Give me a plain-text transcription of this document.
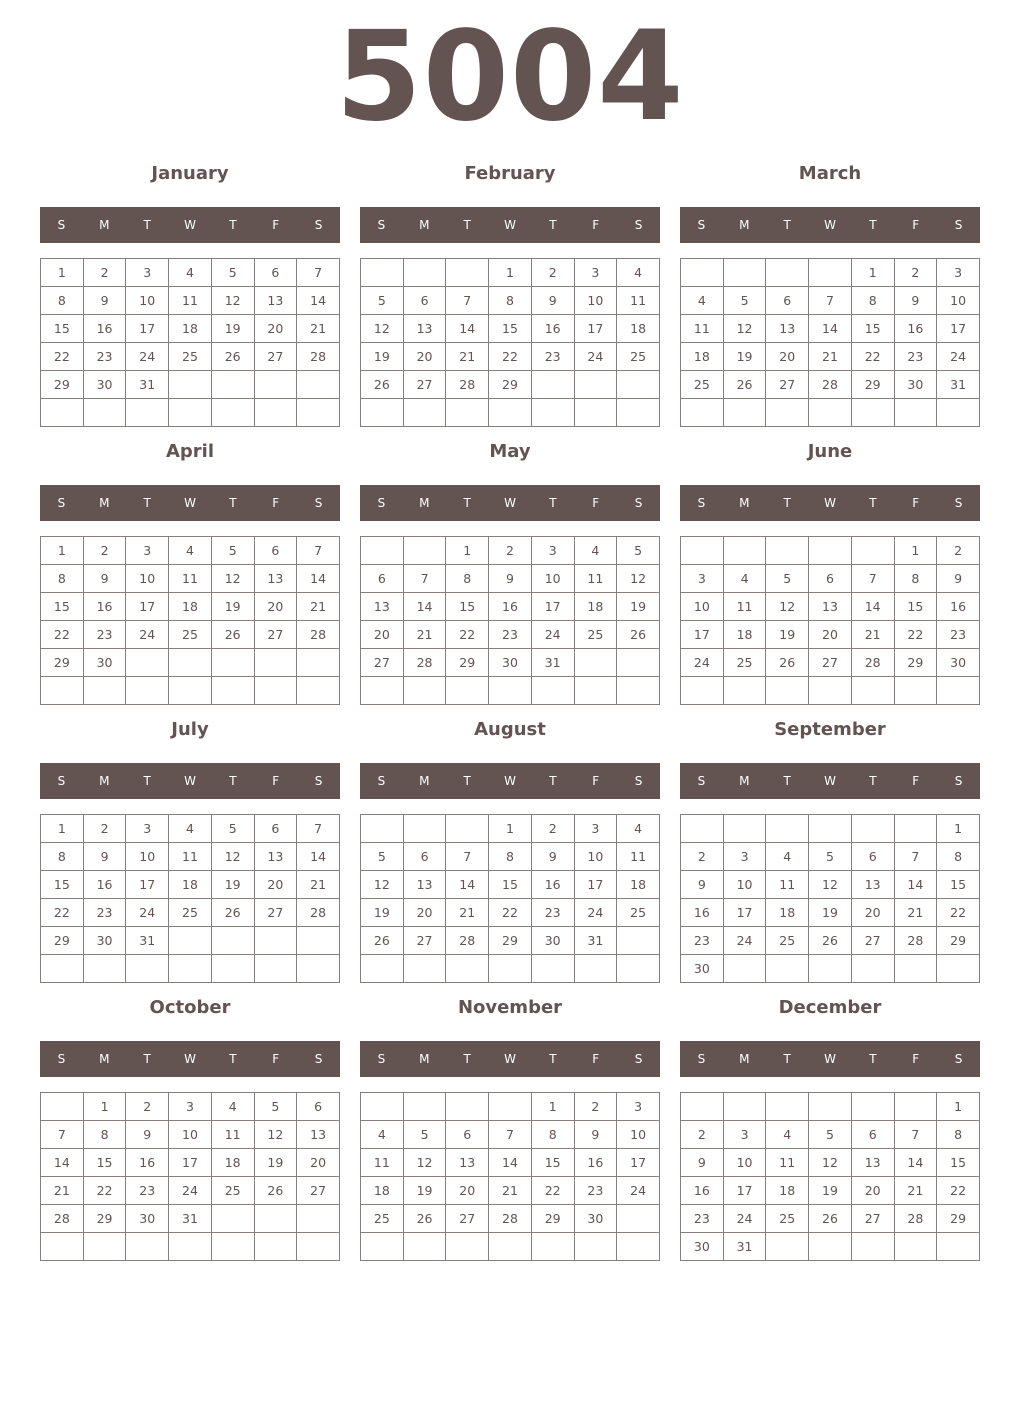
5004
January
S	M	T	W	T	F	S
1	2	3	4	5	6	7
8	9	10	11	12	13	14
15	16	17	18	19	20	21
22	23	24	25	26	27	28
29	30	31				

February
S	M	T	W	T	F	S
			1	2	3	4
5	6	7	8	9	10	11
12	13	14	15	16	17	18
19	20	21	22	23	24	25
26	27	28	29			

March
S	M	T	W	T	F	S
				1	2	3
4	5	6	7	8	9	10
11	12	13	14	15	16	17
18	19	20	21	22	23	24
25	26	27	28	29	30	31

April
S	M	T	W	T	F	S
1	2	3	4	5	6	7
8	9	10	11	12	13	14
15	16	17	18	19	20	21
22	23	24	25	26	27	28
29	30					

May
S	M	T	W	T	F	S
		1	2	3	4	5
6	7	8	9	10	11	12
13	14	15	16	17	18	19
20	21	22	23	24	25	26
27	28	29	30	31		

June
S	M	T	W	T	F	S
					1	2
3	4	5	6	7	8	9
10	11	12	13	14	15	16
17	18	19	20	21	22	23
24	25	26	27	28	29	30

July
S	M	T	W	T	F	S
1	2	3	4	5	6	7
8	9	10	11	12	13	14
15	16	17	18	19	20	21
22	23	24	25	26	27	28
29	30	31				

August
S	M	T	W	T	F	S
			1	2	3	4
5	6	7	8	9	10	11
12	13	14	15	16	17	18
19	20	21	22	23	24	25
26	27	28	29	30	31	

September
S	M	T	W	T	F	S
						1
2	3	4	5	6	7	8
9	10	11	12	13	14	15
16	17	18	19	20	21	22
23	24	25	26	27	28	29
30						
October
S	M	T	W	T	F	S
	1	2	3	4	5	6
7	8	9	10	11	12	13
14	15	16	17	18	19	20
21	22	23	24	25	26	27
28	29	30	31			

November
S	M	T	W	T	F	S
				1	2	3
4	5	6	7	8	9	10
11	12	13	14	15	16	17
18	19	20	21	22	23	24
25	26	27	28	29	30	

December
S	M	T	W	T	F	S
						1
2	3	4	5	6	7	8
9	10	11	12	13	14	15
16	17	18	19	20	21	22
23	24	25	26	27	28	29
30	31					
